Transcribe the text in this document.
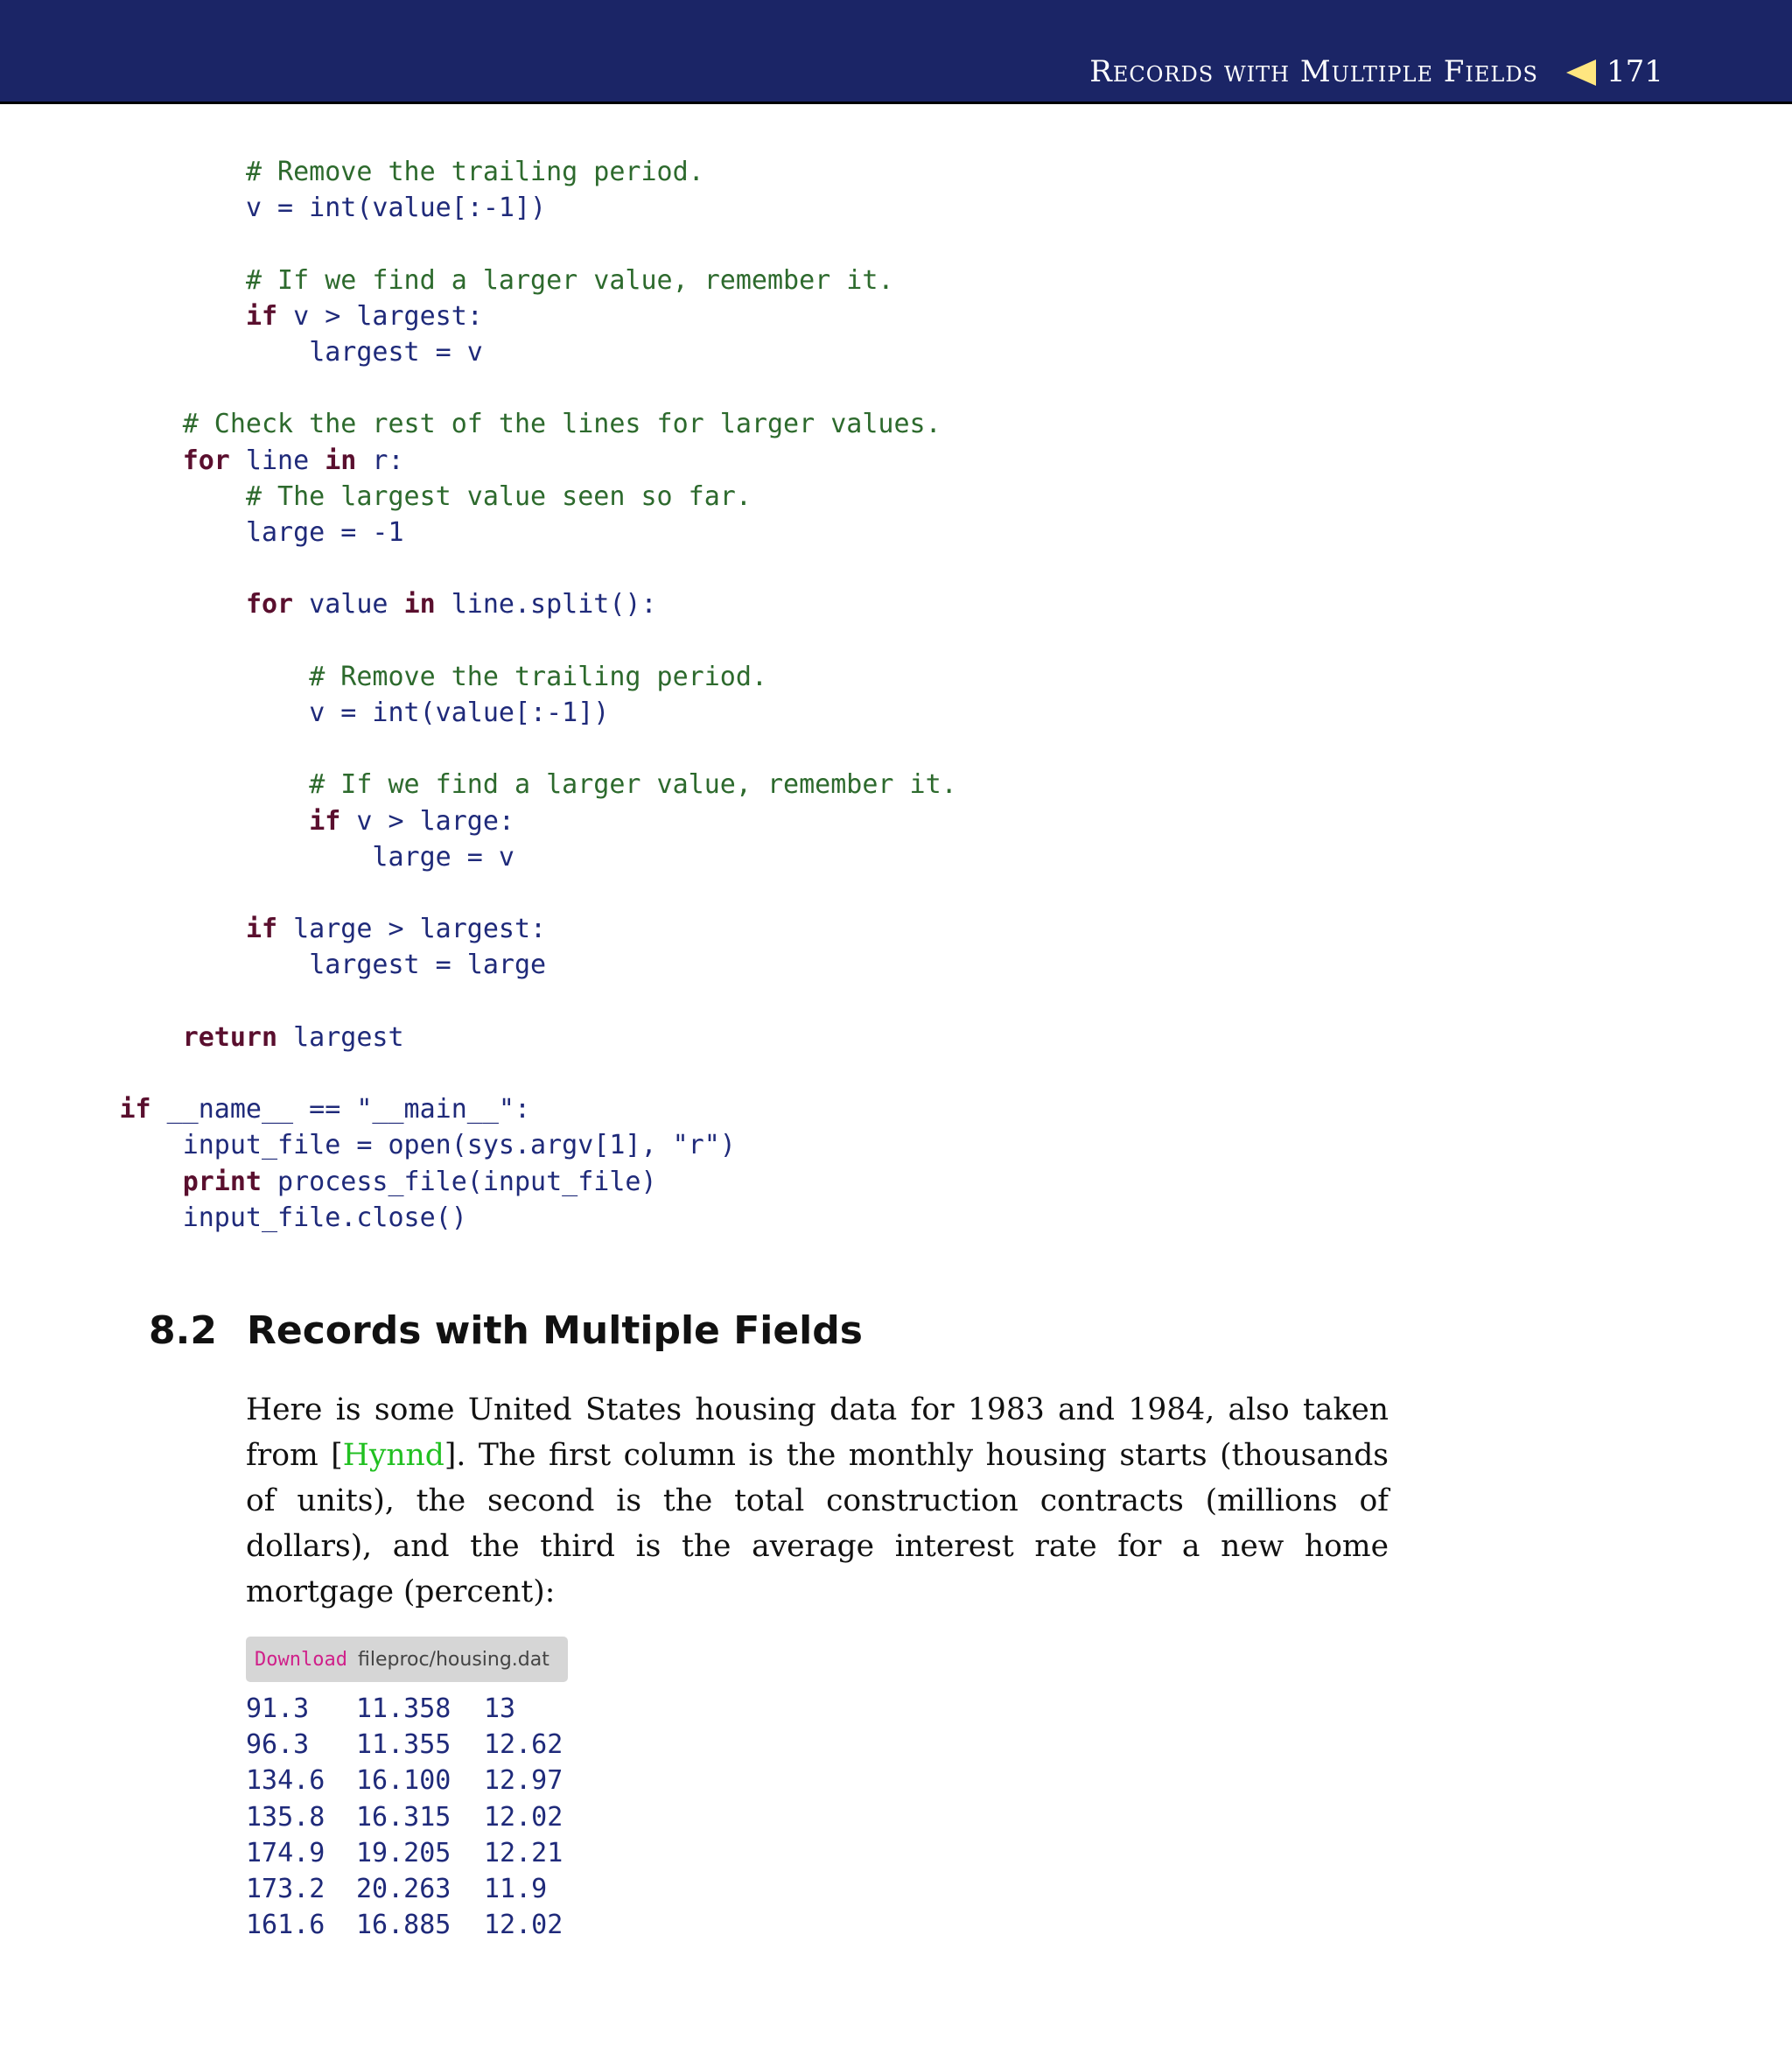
Records with Multiple Fields 171
# Remove the trailing period.
v = int(value[:-1])

# If we find a larger value, remember it.
if v > largest:
largest = v

# Check the rest of the lines for larger values.
for line in r:
# The largest value seen so far.
large = -1

for value in line.split():

# Remove the trailing period.
v = int(value[:-1])

# If we find a larger value, remember it.
if v > large:
large = v

if large > largest:
largest = large

return largest

if __name__ == "__main__":
input_file = open(sys.argv[1], "r")
print process_file(input_file)
input_file.close()

8.2 Records with Multiple Fields
Here is some United States housing data for 1983 and 1984, also taken from [Hynnd]. The first column is the monthly housing starts (thousands of units), the second is the total construction contracts (millions of dollars), and the third is the average interest rate for a new home mortgage (percent):
Download fileproc/housing.dat
91.3	11.358	13
96.3	11.355	12.62
134.6	16.100	12.97
135.8	16.315	12.02
174.9	19.205	12.21
173.2	20.263	11.9
161.6	16.885	12.02
